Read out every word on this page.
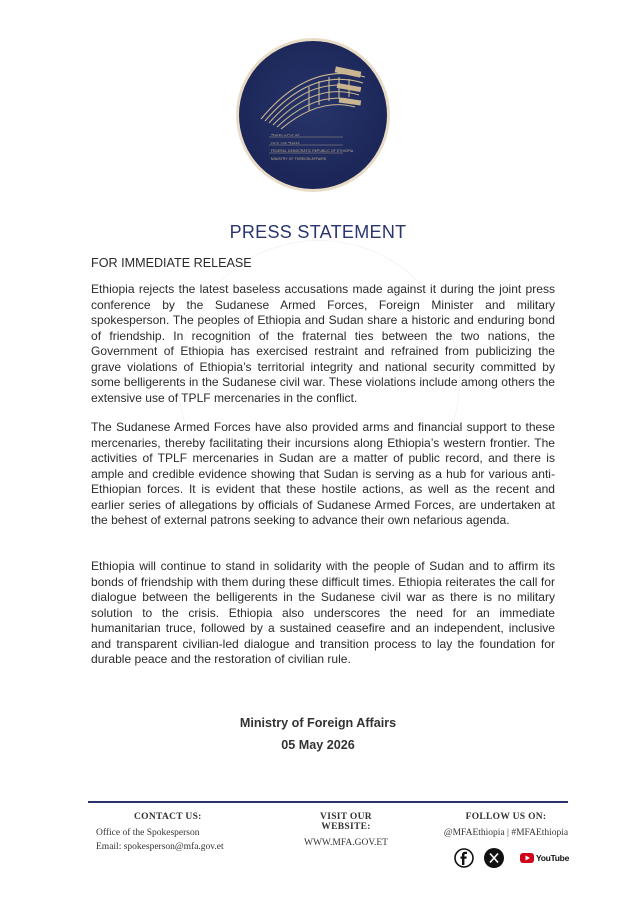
ሚኒስቴር መሥሪያ ቤት
የውጭ ጉዳይ ሚኒስቴር
FEDERAL DEMOCRATIC REPUBLIC OF ETHIOPIA
MINISTRY OF FOREIGN AFFAIRS
PRESS STATEMENT
FOR IMMEDIATE RELEASE

Ethiopia rejects the latest baseless accusations made against it during the joint press conference by the Sudanese Armed Forces, Foreign Minister and military spokesperson. The peoples of Ethiopia and Sudan share a historic and enduring bond of friendship. In recognition of the fraternal ties between the two nations, the Government of Ethiopia has exercised restraint and refrained from publicizing the grave violations of Ethiopia’s territorial integrity and national security committed by some belligerents in the Sudanese civil war. These violations include among others the extensive use of TPLF mercenaries in the conflict.

The Sudanese Armed Forces have also provided arms and financial support to these mercenaries, thereby facilitating their incursions along Ethiopia’s western frontier. The activities of TPLF mercenaries in Sudan are a matter of public record, and there is ample and credible evidence showing that Sudan is serving as a hub for various anti- Ethiopian forces. It is evident that these hostile actions, as well as the recent and earlier series of allegations by officials of Sudanese Armed Forces, are undertaken at the behest of external patrons seeking to advance their own nefarious agenda.

Ethiopia will continue to stand in solidarity with the people of Sudan and to affirm its bonds of friendship with them during these difficult times. Ethiopia reiterates the call for dialogue between the belligerents in the Sudanese civil war as there is no military solution to the crisis. Ethiopia also underscores the need for an immediate humanitarian truce, followed by a sustained ceasefire and an independent, inclusive and transparent civilian-led dialogue and transition process to lay the foundation for durable peace and the restoration of civilian rule.

Ministry of Foreign Affairs
05 May 2026
CONTACT US:
Office of the Spokesperson
Email: spokesperson@mfa.gov.et
VISIT OUR WEBSITE:
WWW.MFA.GOV.ET
FOLLOW US ON:
@MFAEthiopia | #MFAEthiopia
YouTube
